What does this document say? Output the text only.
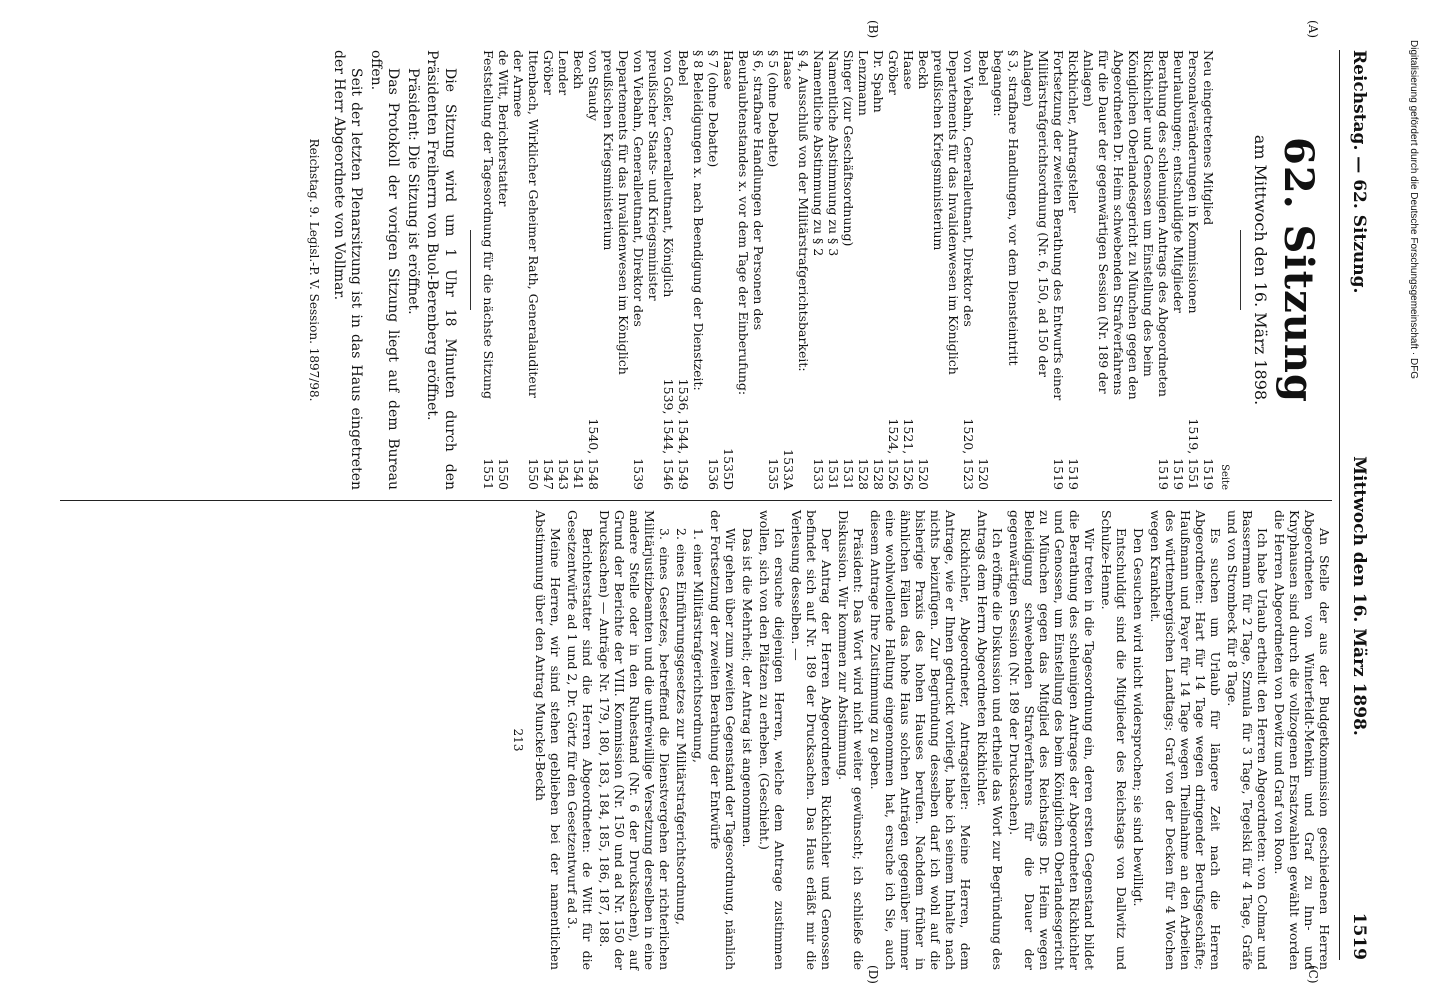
Reichstag. — 62. Sitzung.
Mittwoch den 16. März 1898.
1519
(A)
(B)
(C)
(D)
62. Sitzung
am Mittwoch den 16. März 1898.
Seite
Neu eingetretenes Mitglied
1519
Personalveränderungen in Kommissionen
1519, 1551
Beurlaubungen; entschuldigte Mitglieder
1519
Berathung des schleunigen Antrags des Abgeordneten Rickhichler und Genossen um Einstellung des beim Königlichen Oberlandesgericht zu München gegen den Abgeordneten Dr. Heim schwebenden Strafverfahrens für die Dauer der gegenwärtigen Session (Nr. 189 der Anlagen)
1519
Rickhichler, Antragsteller
1519
Fortsetzung der zweiten Berathung des Entwurfs einer Militärstrafgerichtsordnung (Nr. 6, 150, ad 150 der Anlagen)
1519
§ 3, strafbare Handlungen, vor dem Diensteintritt begangen:
Bebel
1520
von Viebahn, Generalleutnant, Direktor des Departements für das Invalidenwesen im Königlich preußischen Kriegsministerium
1520, 1523
Beckh
1520
Haase
1521, 1526
Gröber
1524, 1526
Dr. Spahn
1528
Lenzmann
1528
Singer (zur Geschäftsordnung)
1531
Namentliche Abstimmung zu § 3
1531
Namentliche Abstimmung zu § 2
1533
§ 4, Ausschluß von der Militärstrafgerichtsbarkeit:
Haase
1533A
§ 5 (ohne Debatte)
1535
§ 6, strafbare Handlungen der Personen des Beurlaubtenstandes x. vor dem Tage der Einberufung:
Haase
1535D
§ 7 (ohne Debatte)
1536
§ 8 Beleidigungen x. nach Beendigung der Dienstzeit:
Bebel
1536, 1544, 1549
von Goßler, Generalleutnant, Königlich preußischer Staats- und Kriegsminister
1539, 1544, 1546
von Viebahn, Generalleutnant, Direktor des Departements für das Invalidenwesen im Königlich preußischen Kriegsministerium
1539
von Staudy
1540, 1548
Beckh
1541
Lender
1543
Gröber
1547
Ittenbach, Wirklicher Geheimer Rath, Generalauditeur der Armee
1550
de Witt, Berichterstatter
1550
Feststellung der Tagesordnung für die nächste Sitzung
1551
Die Sitzung wird um 1 Uhr 18 Minuten durch den Präsidenten Freiherrn von Buol-Berenberg eröffnet.
Präsident: Die Sitzung ist eröffnet.
Das Protokoll der vorigen Sitzung liegt auf dem Bureau offen.
Seit der letzten Plenarsitzung ist in das Haus eingetreten der Herr Abgeordnete von Vollmar.
Reichstag. 9. Legisl.-P. V. Session. 1897/98.
An Stelle der aus der Budgetkommission geschiedenen Herren Abgeordneten von Winterfeldt-Menkin und Graf zu Inn- und Knyphausen sind durch die vollzogenen Ersatzwahlen gewählt worden die Herren Abgeordneten von Dewitz und Graf von Roon.
Ich habe Urlaub ertheilt den Herren Abgeordneten: von Colmar und Bassermann für 2 Tage, Szmula für 3 Tage, Tegelski für 4 Tage, Gräfe und von Strombeck für 8 Tage.
Es suchen um Urlaub für längere Zeit nach die Herren Abgeordneten: Hart für 14 Tage wegen dringender Berufsgeschäfte; Haußmann und Payer für 14 Tage wegen Theilnahme an den Arbeiten des württembergischen Landtags; Graf von der Decken für 4 Wochen wegen Krankheit.
Den Gesuchen wird nicht widersprochen; sie sind bewilligt.
Entschuldigt sind die Mitglieder des Reichstags von Dallwitz und Schulze-Henne.
Wir treten in die Tagesordnung ein, deren ersten Gegenstand bildet die Berathung des schleunigen Antrages der Abgeordneten Rickhichler und Genossen, um Einstellung des beim Königlichen Oberlandesgericht zu München gegen das Mitglied des Reichstags Dr. Heim wegen Beleidigung schwebenden Strafverfahrens für die Dauer der gegenwärtigen Session (Nr. 189 der Drucksachen).
Ich eröffne die Diskussion und ertheile das Wort zur Begründung des Antrags dem Herrn Abgeordneten Rickhichler.
Rickhichler, Abgeordneter, Antragsteller: Meine Herren, dem Antrage, wie er Ihnen gedruckt vorliegt, habe ich seinem Inhalte nach nichts beizufügen. Zur Begründung desselben darf ich wohl auf die bisherige Praxis des hohen Hauses berufen. Nachdem früher in ähnlichen Fällen das hohe Haus solchen Anträgen gegenüber immer eine wohlwollende Haltung eingenommen hat, ersuche ich Sie, auch diesem Antrage Ihre Zustimmung zu geben.
Präsident: Das Wort wird nicht weiter gewünscht; ich schließe die Diskussion. Wir kommen zur Abstimmung.
Der Antrag der Herren Abgeordneten Rickhichler und Genossen befindet sich auf Nr. 189 der Drucksachen. Das Haus erläßt mir die Verlesung desselben. —
Ich ersuche diejenigen Herren, welche dem Antrage zustimmen wollen, sich von den Plätzen zu erheben. (Geschieht.)
Das ist die Mehrheit; der Antrag ist angenommen.
Wir gehen über zum zweiten Gegenstand der Tagesordnung, nämlich der Fortsetzung der zweiten Berathung der Entwürfe
1. einer Militärstrafgerichtsordnung,
2. eines Einführungsgesetzes zur Militärstrafgerichtsordnung,
3. eines Gesetzes, betreffend die Dienstvergehen der richterlichen Militärjustizbeamten und die unfreiwillige Versetzung derselben in eine andere Stelle oder in den Ruhestand (Nr. 6 der Drucksachen), auf Grund der Berichte der VIII. Kommission (Nr. 150 und ad Nr. 150 der Drucksachen) — Anträge Nr. 179, 180, 183, 184, 185, 186, 187, 188.
Berichterstatter sind die Herren Abgeordneten: de Witt für die Gesetzentwürfe ad 1 und 2, Dr. Görtz für den Gesetzentwurf ad 3.
Meine Herren, wir sind stehen geblieben bei der namentlichen Abstimmung über den Antrag Munckel-Beckh
213
Digitalisierung gefördert durch die Deutsche Forschungsgemeinschaft · DFG
